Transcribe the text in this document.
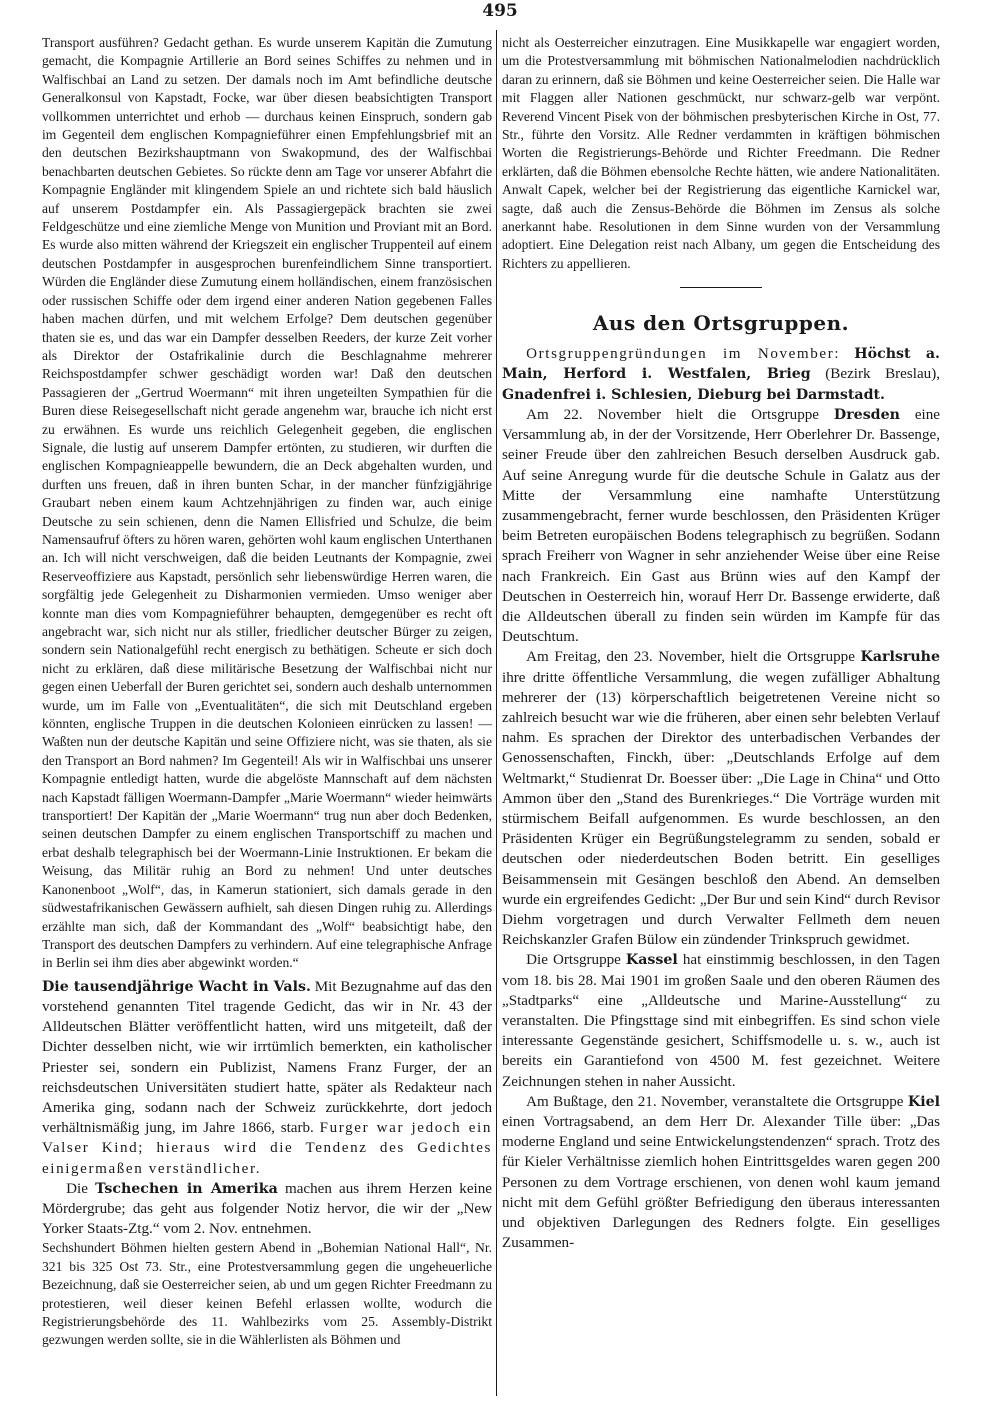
495

Transport ausführen? Gedacht gethan. Es wurde unserem Kapitän die Zumutung gemacht, die Kompagnie Artillerie an Bord seines Schiffes zu nehmen und in Walfischbai an Land zu setzen. Der damals noch im Amt befindliche deutsche Generalkonsul von Kapstadt, Focke, war über diesen beabsichtigten Transport vollkommen unterrichtet und erhob — durchaus keinen Einspruch, sondern gab im Gegenteil dem englischen Kompagnieführer einen Empfehlungsbrief mit an den deutschen Bezirkshauptmann von Swakopmund, des der Walfischbai benachbarten deutschen Gebietes. So rückte denn am Tage vor unserer Abfahrt die Kompagnie Engländer mit klingendem Spiele an und richtete sich bald häuslich auf unserem Postdampfer ein. Als Passagiergepäck brachten sie zwei Feldgeschütze und eine ziemliche Menge von Munition und Proviant mit an Bord. Es wurde also mitten während der Kriegszeit ein englischer Truppenteil auf einem deutschen Postdampfer in ausgesprochen burenfeindlichem Sinne transportiert. Würden die Engländer diese Zumutung einem holländischen, einem französischen oder russischen Schiffe oder dem irgend einer anderen Nation gegebenen Falles haben machen dürfen, und mit welchem Erfolge? Dem deutschen gegenüber thaten sie es, und das war ein Dampfer desselben Reeders, der kurze Zeit vorher als Direktor der Ostafrikalinie durch die Beschlagnahme mehrerer Reichspostdampfer schwer geschädigt worden war! Daß den deutschen Passagieren der „Gertrud Woermann“ mit ihren ungeteilten Sympathien für die Buren diese Reisegesellschaft nicht gerade angenehm war, brauche ich nicht erst zu erwähnen. Es wurde uns reichlich Gelegenheit gegeben, die englischen Signale, die lustig auf unserem Dampfer ertönten, zu studieren, wir durften die englischen Kompagnieappelle bewundern, die an Deck abgehalten wurden, und durften uns freuen, daß in ihren bunten Schar, in der mancher fünfzigjährige Graubart neben einem kaum Achtzehnjährigen zu finden war, auch einige Deutsche zu sein schienen, denn die Namen Ellisfried und Schulze, die beim Namensaufruf öfters zu hören waren, gehörten wohl kaum englischen Unterthanen an. Ich will nicht verschweigen, daß die beiden Leutnants der Kompagnie, zwei Reserveoffiziere aus Kapstadt, persönlich sehr liebenswürdige Herren waren, die sorgfältig jede Gelegenheit zu Disharmonien vermieden. Umso weniger aber konnte man dies vom Kompagnieführer behaupten, demgegenüber es recht oft angebracht war, sich nicht nur als stiller, friedlicher deutscher Bürger zu zeigen, sondern sein Nationalgefühl recht energisch zu bethätigen. Scheute er sich doch nicht zu erklären, daß diese militärische Besetzung der Walfischbai nicht nur gegen einen Ueberfall der Buren gerichtet sei, sondern auch deshalb unternommen wurde, um im Falle von „Eventualitäten“, die sich mit Deutschland ergeben könnten, englische Truppen in die deutschen Kolonieen einrücken zu lassen! — Waßten nun der deutsche Kapitän und seine Offiziere nicht, was sie thaten, als sie den Transport an Bord nahmen? Im Gegenteil! Als wir in Walfischbai uns unserer Kompagnie entledigt hatten, wurde die abgelöste Mannschaft auf dem nächsten nach Kapstadt fälligen Woermann-Dampfer „Marie Woermann“ wieder heimwärts transportiert! Der Kapitän der „Marie Woermann“ trug nun aber doch Bedenken, seinen deutschen Dampfer zu einem englischen Transportschiff zu machen und erbat deshalb telegraphisch bei der Woermann-Linie Instruktionen. Er bekam die Weisung, das Militär ruhig an Bord zu nehmen! Und unter deutsches Kanonenboot „Wolf“, das, in Kamerun stationiert, sich damals gerade in den südwestafrikanischen Gewässern aufhielt, sah diesen Dingen ruhig zu. Allerdings erzählte man sich, daß der Kommandant des „Wolf“ beabsichtigt habe, den Transport des deutschen Dampfers zu verhindern. Auf eine telegraphische Anfrage in Berlin sei ihm dies aber abgewinkt worden.“

Die tausendjährige Wacht in Vals. Mit Bezugnahme auf das den vorstehend genannten Titel tragende Gedicht, das wir in Nr. 43 der Alldeutschen Blätter veröffentlicht hatten, wird uns mitgeteilt, daß der Dichter desselben nicht, wie wir irrtümlich bemerkten, ein katholischer Priester sei, sondern ein Publizist, Namens Franz Furger, der an reichsdeutschen Universitäten studiert hatte, später als Redakteur nach Amerika ging, sodann nach der Schweiz zurückkehrte, dort jedoch verhältnismäßig jung, im Jahre 1866, starb. Furger war jedoch ein Valser Kind; hieraus wird die Tendenz des Gedichtes einigermaßen verständlicher.

Die Tschechen in Amerika machen aus ihrem Herzen keine Mördergrube; das geht aus folgender Notiz hervor, die wir der „New Yorker Staats-Ztg.“ vom 2. Nov. entnehmen.

Sechshundert Böhmen hielten gestern Abend in „Bohemian National Hall“, Nr. 321 bis 325 Ost 73. Str., eine Protestversammlung gegen die ungeheuerliche Bezeichnung, daß sie Oesterreicher seien, ab und um gegen Richter Freedmann zu protestieren, weil dieser keinen Befehl erlassen wollte, wodurch die Registrierungsbehörde des 11. Wahlbezirks vom 25. Assembly-Distrikt gezwungen werden sollte, sie in die Wählerlisten als Böhmen und

nicht als Oesterreicher einzutragen. Eine Musikkapelle war engagiert worden, um die Protestversammlung mit böhmischen Nationalmelodien nachdrücklich daran zu erinnern, daß sie Böhmen und keine Oesterreicher seien. Die Halle war mit Flaggen aller Nationen geschmückt, nur schwarz-gelb war verpönt. Reverend Vincent Pisek von der böhmischen presbyterischen Kirche in Ost, 77. Str., führte den Vorsitz. Alle Redner verdammten in kräftigen böhmischen Worten die Registrierungs-Behörde und Richter Freedmann. Die Redner erklärten, daß die Böhmen ebensolche Rechte hätten, wie andere Nationalitäten. Anwalt Capek, welcher bei der Registrierung das eigentliche Karnickel war, sagte, daß auch die Zensus-Behörde die Böhmen im Zensus als solche anerkannt habe. Resolutionen in dem Sinne wurden von der Versammlung adoptiert. Eine Delegation reist nach Albany, um gegen die Entscheidung des Richters zu appellieren.

Aus den Ortsgruppen.

Ortsgruppengründungen im November: Höchst a. Main, Herford i. Westfalen, Brieg (Bezirk Breslau), Gnadenfrei i. Schlesien, Dieburg bei Darmstadt.

Am 22. November hielt die Ortsgruppe Dresden eine Versammlung ab, in der der Vorsitzende, Herr Oberlehrer Dr. Bassenge, seiner Freude über den zahlreichen Besuch derselben Ausdruck gab. Auf seine Anregung wurde für die deutsche Schule in Galatz aus der Mitte der Versammlung eine namhafte Unterstützung zusammengebracht, ferner wurde beschlossen, den Präsidenten Krüger beim Betreten europäischen Bodens telegraphisch zu begrüßen. Sodann sprach Freiherr von Wagner in sehr anziehender Weise über eine Reise nach Frankreich. Ein Gast aus Brünn wies auf den Kampf der Deutschen in Oesterreich hin, worauf Herr Dr. Bassenge erwiderte, daß die Alldeutschen überall zu finden sein würden im Kampfe für das Deutschtum.

Am Freitag, den 23. November, hielt die Ortsgruppe Karlsruhe ihre dritte öffentliche Versammlung, die wegen zufälliger Abhaltung mehrerer der (13) körperschaftlich beigetretenen Vereine nicht so zahlreich besucht war wie die früheren, aber einen sehr belebten Verlauf nahm. Es sprachen der Direktor des unterbadischen Verbandes der Genossenschaften, Finckh, über: „Deutschlands Erfolge auf dem Weltmarkt,“ Studienrat Dr. Boesser über: „Die Lage in China“ und Otto Ammon über den „Stand des Burenkrieges.“ Die Vorträge wurden mit stürmischem Beifall aufgenommen. Es wurde beschlossen, an den Präsidenten Krüger ein Begrüßungstelegramm zu senden, sobald er deutschen oder niederdeutschen Boden betritt. Ein geselliges Beisammensein mit Gesängen beschloß den Abend. An demselben wurde ein ergreifendes Gedicht: „Der Bur und sein Kind“ durch Revisor Diehm vorgetragen und durch Verwalter Fellmeth dem neuen Reichskanzler Grafen Bülow ein zündender Trinkspruch gewidmet.

Die Ortsgruppe Kassel hat einstimmig beschlossen, in den Tagen vom 18. bis 28. Mai 1901 im großen Saale und den oberen Räumen des „Stadtparks“ eine „Alldeutsche und Marine-Ausstellung“ zu veranstalten. Die Pfingsttage sind mit einbegriffen. Es sind schon viele interessante Gegenstände gesichert, Schiffsmodelle u. s. w., auch ist bereits ein Garantiefond von 4500 M. fest gezeichnet. Weitere Zeichnungen stehen in naher Aussicht.

Am Bußtage, den 21. November, veranstaltete die Ortsgruppe Kiel einen Vortragsabend, an dem Herr Dr. Alexander Tille über: „Das moderne England und seine Entwickelungstendenzen“ sprach. Trotz des für Kieler Verhältnisse ziemlich hohen Eintrittsgeldes waren gegen 200 Personen zu dem Vortrage erschienen, von denen wohl kaum jemand nicht mit dem Gefühl größter Befriedigung den überaus interessanten und objektiven Darlegungen des Redners folgte. Ein geselliges Zusammen-
